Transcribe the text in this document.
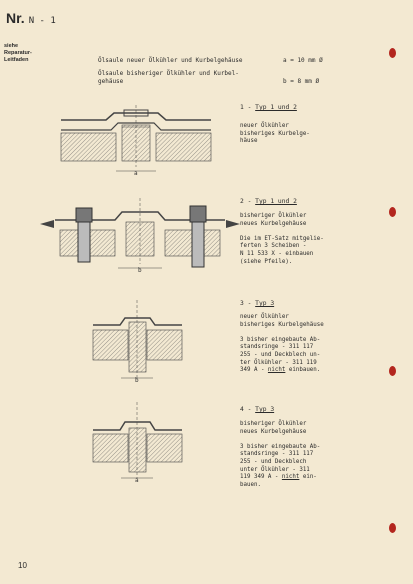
Nr. N - 1
siehe
Reparatur-
Leitfaden	Ölsaule neuer Ölkühler und Kurbelgehäuse	a = 10 mm Ø
Ölsaule bisheriger Ölkühler und Kurbel-
gehäuse	b = 8 mm Ø
a
b
b
a
1 - Typ 1 und 2
neuer Ölkühler
bisheriges Kurbelge-
häuse
2 - Typ 1 und 2
bisheriger Ölkühler
neues Kurbelgehäuse

Die im ET-Satz mitgelie-
ferten 3 Scheiben -
N 11 533 X - einbauen
(siehe Pfeile).
3 - Typ 3
neuer Ölkühler
bisheriges Kurbelgehäuse

3 bisher eingebaute Ab-
standsringe - 311 117
255 - und Deckblech un-
ter Ölkühler - 311 119
349 A - nicht einbauen.
4 - Typ 3
bisheriger Ölkühler
neues Kurbelgehäuse

3 bisher eingebaute Ab-
standsringe - 311 117
255 - und Deckblech
unter Ölkühler - 311
119 349 A - nicht ein-
bauen.
10
